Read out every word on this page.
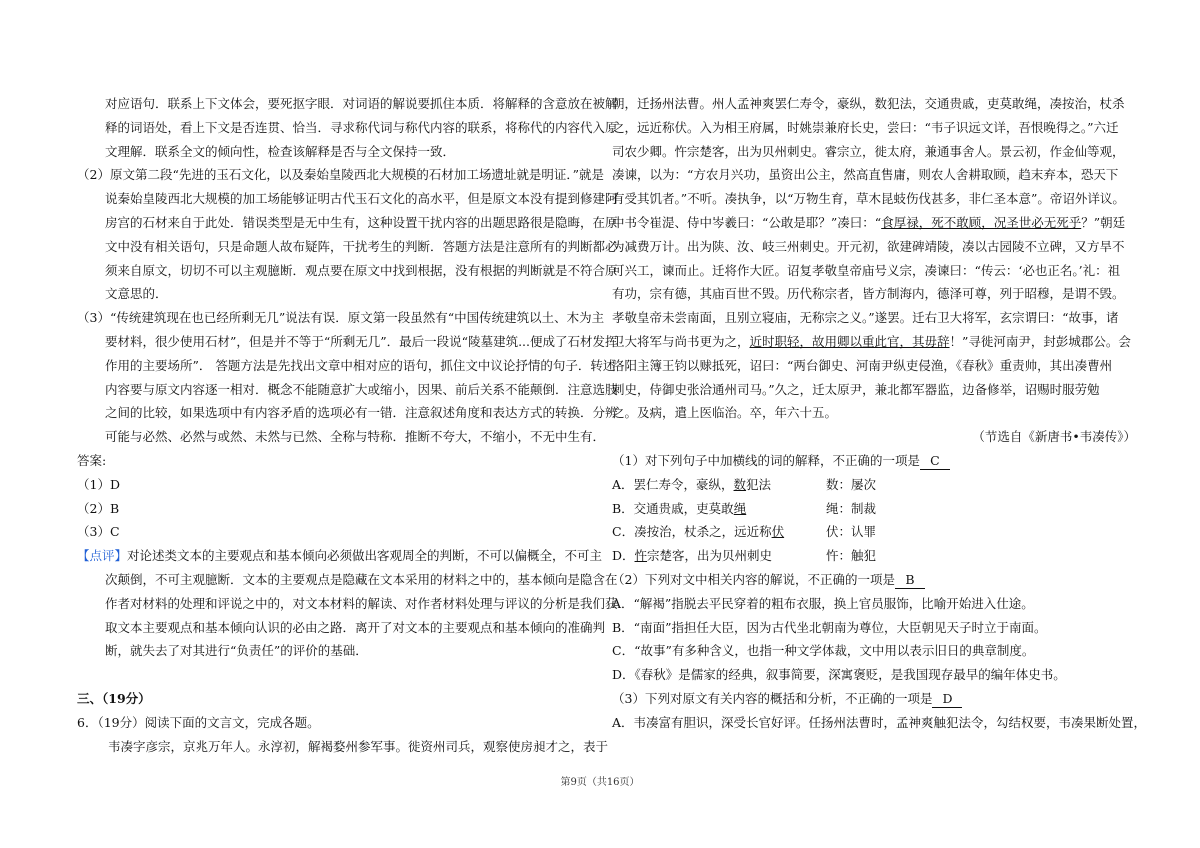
对应语句．联系上下文体会，要死抠字眼．对词语的解说要抓住本质．将解释的含意放在被解
释的词语处，看上下文是否连贯、恰当．寻求称代词与称代内容的联系，将称代的内容代入原
文理解．联系全文的倾向性，检查该解释是否与全文保持一致．
（2）原文第二段“先进的玉石文化，以及秦始皇陵西北大规模的石材加工场遗址就是明证．”就是
说秦始皇陵西北大规模的加工场能够证明古代玉石文化的高水平，但是原文本没有提到修建阿
房宫的石材来自于此处．错误类型是无中生有，这种设置干扰内容的出题思路很是隐晦，在原
文中没有相关语句，只是命题人故布疑阵，干扰考生的判断．答题方法是注意所有的判断都必
须来自原文，切切不可以主观臆断．观点要在原文中找到根据，没有根据的判断就是不符合原
文意思的．
（3）“传统建筑现在也已经所剩无几”说法有误．原文第一段虽然有“中国传统建筑以土、木为主
要材料，很少使用石材”，但是并不等于“所剩无几”．最后一段说“陵墓建筑...便成了石材发挥
作用的主要场所”． 答题方法是先找出文章中相对应的语句，抓住文中议论抒情的句子．转述
内容要与原文内容逐一相对．概念不能随意扩大或缩小，因果、前后关系不能颠倒．注意选肢
之间的比较，如果选项中有内容矛盾的选项必有一错．注意叙述角度和表达方式的转换．分辨
可能与必然、必然与或然、未然与已然、全称与特称．推断不夸大，不缩小，不无中生有．
答案:
（1）D
（2）B
（3）C
【点评】对论述类文本的主要观点和基本倾向必须做出客观周全的判断，不可以偏概全，不可主
次颠倒，不可主观臆断．文本的主要观点是隐藏在文本采用的材料之中的，基本倾向是隐含在
作者对材料的处理和评说之中的，对文本材料的解读、对作者材料处理与评议的分析是我们获
取文本主要观点和基本倾向认识的必由之路．离开了对文本的主要观点和基本倾向的准确判
断，就失去了对其进行“负责任”的评价的基础．
三、（19分）
6．（19分）阅读下面的文言文，完成各题。
韦凑字彦宗，京兆万年人。永淳初，解褐婺州参军事。徙资州司兵，观察使房昶才之，表于
朝，迁扬州法曹。州人孟神爽罢仁寿令，豪纵，数犯法，交通贵戚，吏莫敢绳，凑按治，杖杀
之，远近称伏。入为相王府属，时姚崇兼府长史，尝曰：“韦子识远文详，吾恨晚得之。”六迁
司农少卿。忤宗楚客，出为贝州刺史。睿宗立，徙太府，兼通事舍人。景云初，作金仙等观，
凑谏，以为：“方农月兴功，虽资出公主，然高直售庸，则农人舍耕取顾，趋末弃本，恐天下
有受其饥者。”不听。凑执争，以“万物生育，草木昆蚑伤伐甚多，非仁圣本意”。帝诏外详议。
中书令崔湜、侍中岑羲曰：“公敢是耶？”凑曰：“食厚禄，死不敢顾，况圣世必无死乎？”朝廷
为减费万计。出为陕、汝、岐三州刺史。开元初，欲建碑靖陵，凑以古园陵不立碑，又方旱不
可兴工，谏而止。迁将作大匠。诏复孝敬皇帝庙号义宗，凑谏曰：“传云：‘必也正名。’礼：祖
有功，宗有德，其庙百世不毁。历代称宗者，皆方制海内，德泽可尊，列于昭穆，是谓不毁。
孝敬皇帝未尝南面，且别立寝庙，无称宗之义。”遂罢。迁右卫大将军，玄宗谓曰：“故事，诸
卫大将军与尚书更为之，近时职轻，故用卿以重此官，其毋辞！”寻徙河南尹，封彭城郡公。会
洛阳主簿王钧以赇抵死，诏曰：“两台御史、河南尹纵吏侵渔，《春秋》重责帅，其出凑曹州
刺史，侍御史张洽通州司马。”久之，迁太原尹，兼北都军器监，边备修举，诏赐时服劳勉
之。及病，遣上医临治。卒，年六十五。
（节选自《新唐书•韦凑传》）
（1）对下列句子中加横线的词的解释，不正确的一项是 C
A．罢仁寿令，豪纵，数犯法	数：屡次
B．交通贵戚，吏莫敢绳	绳：制裁
C．凑按治，杖杀之，远近称伏	伏：认罪
D．忤宗楚客，出为贝州刺史	忤：触犯
（2）下列对文中相关内容的解说，不正确的一项是 B
A．“解褐”指脱去平民穿着的粗布衣服，换上官员服饰，比喻开始进入仕途。
B．“南面”指担任大臣，因为古代坐北朝南为尊位，大臣朝见天子时立于南面。
C．“故事”有多种含义，也指一种文学体裁，文中用以表示旧日的典章制度。
D．《春秋》是儒家的经典，叙事简要，深寓褒贬，是我国现存最早的编年体史书。
（3）下列对原文有关内容的概括和分析，不正确的一项是 D
A．韦凑富有胆识，深受长官好评。任扬州法曹时，孟神爽触犯法令，勾结权要，韦凑果断处置，
第9页（共16页）
